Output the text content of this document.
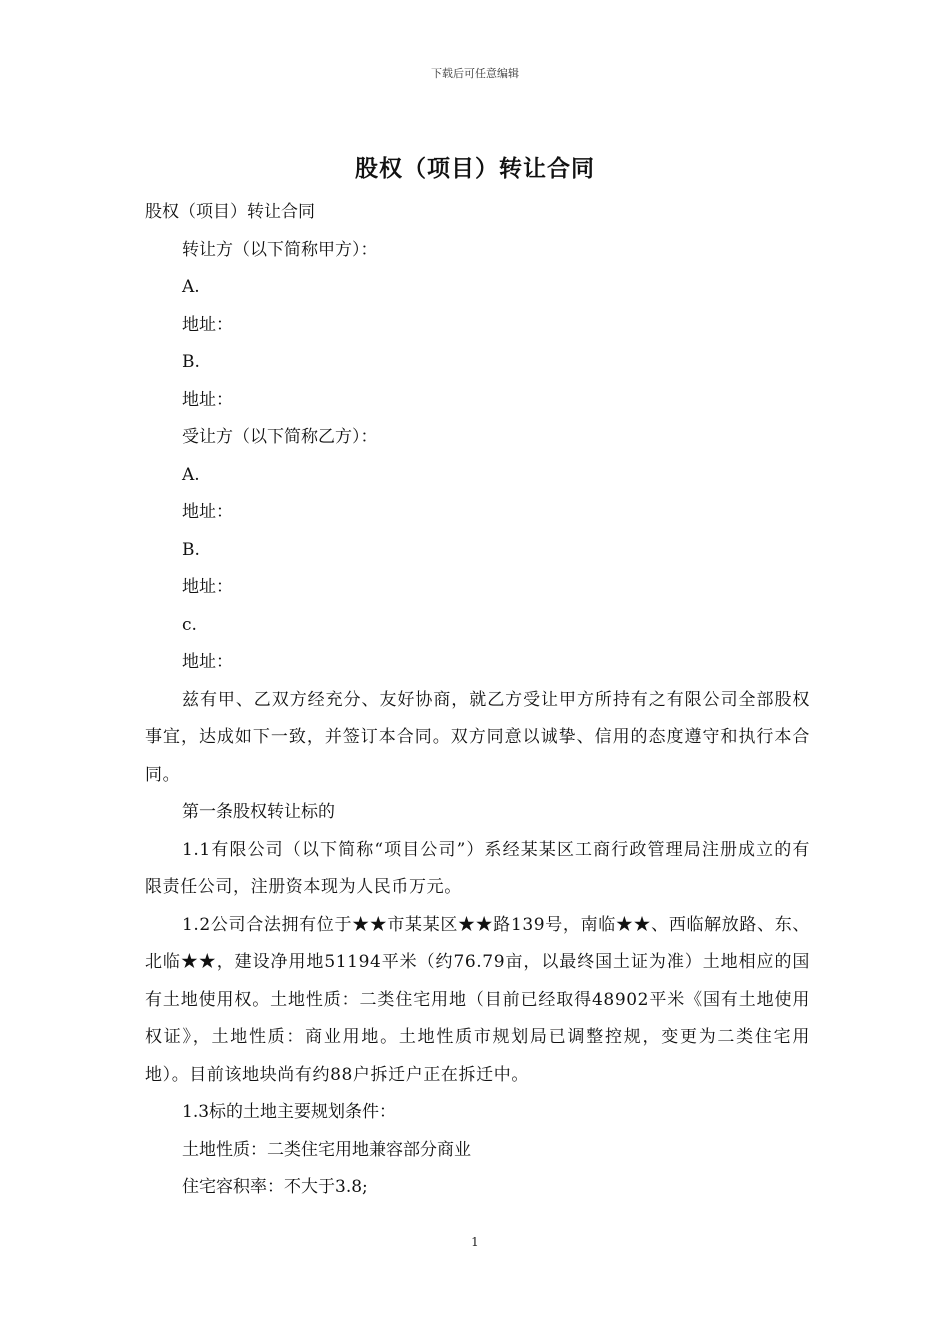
下载后可任意编辑
股权（项目）转让合同

股权（项目）转让合同

转让方（以下简称甲方）：

A.

地址：

B.

地址：

受让方（以下简称乙方）：

A.

地址：

B.

地址：

c.

地址：

兹有甲、乙双方经充分、友好协商，就乙方受让甲方所持有之有限公司全部股权事宜，达成如下一致，并签订本合同。双方同意以诚挚、信用的态度遵守和执行本合同。

第一条股权转让标的

1.1有限公司（以下简称“项目公司”）系经某某区工商行政管理局注册成立的有限责任公司，注册资本现为人民币万元。

1.2公司合法拥有位于★★市某某区★★路139号，南临★★、西临解放路、东、北临★★，建设净用地51194平米（约76.79亩，以最终国土证为准）土地相应的国有土地使用权。土地性质：二类住宅用地（目前已经取得48902平米《国有土地使用权证》，土地性质：商业用地。土地性质市规划局已调整控规，变更为二类住宅用地）。目前该地块尚有约88户拆迁户正在拆迁中。

1.3标的土地主要规划条件：

土地性质：二类住宅用地兼容部分商业

住宅容积率：不大于3.8;

1
